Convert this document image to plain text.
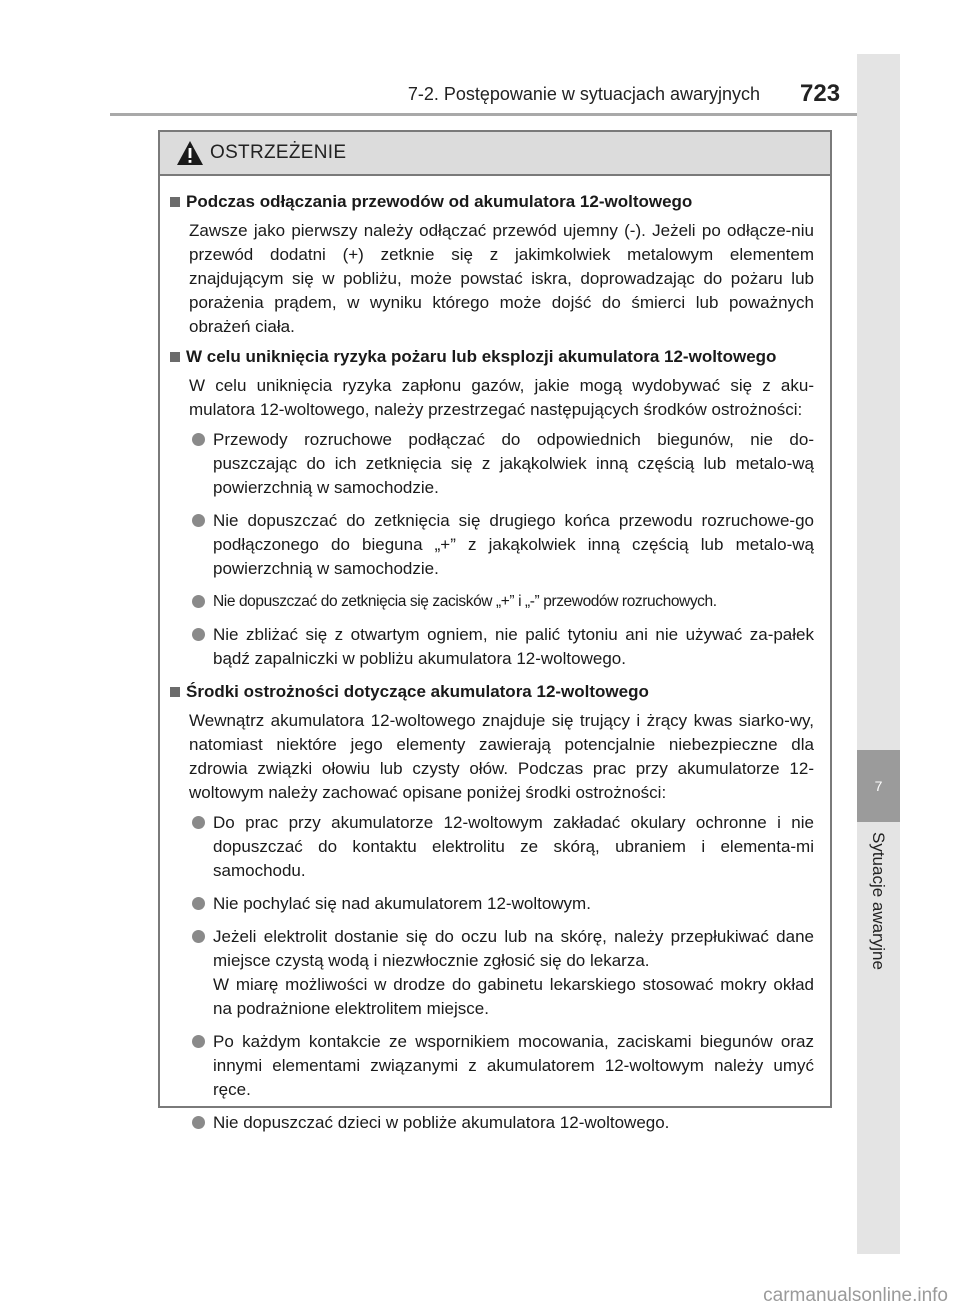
7-2. Postępowanie w sytuacjach awaryjnych 723
7
Sytuacje awaryjne
OSTRZEŻENIE
Podczas odłączania przewodów od akumulatora 12-woltowego

Zawsze jako pierwszy należy odłączać przewód ujemny (-). Jeżeli po odłącze-niu przewód dodatni (+) zetknie się z jakimkolwiek metalowym elementem znajdującym się w pobliżu, może powstać iskra, doprowadzając do pożaru lub porażenia prądem, w wyniku którego może dojść do śmierci lub poważnych obrażeń ciała.

W celu uniknięcia ryzyka pożaru lub eksplozji akumulatora 12-woltowego

W celu uniknięcia ryzyka zapłonu gazów, jakie mogą wydobywać się z aku-mulatora 12-woltowego, należy przestrzegać następujących środków ostrożności:

Przewody rozruchowe podłączać do odpowiednich biegunów, nie do-puszczając do ich zetknięcia się z jakąkolwiek inną częścią lub metalo-wą powierzchnią w samochodzie.
Nie dopuszczać do zetknięcia się drugiego końca przewodu rozruchowe-go podłączonego do bieguna „+” z jakąkolwiek inną częścią lub metalo-wą powierzchnią w samochodzie.
Nie dopuszczać do zetknięcia się zacisków „+” i „-” przewodów rozruchowych.
Nie zbliżać się z otwartym ogniem, nie palić tytoniu ani nie używać za-pałek bądź zapalniczki w pobliżu akumulatora 12-woltowego.
Środki ostrożności dotyczące akumulatora 12-woltowego

Wewnątrz akumulatora 12-woltowego znajduje się trujący i żrący kwas siarko-wy, natomiast niektóre jego elementy zawierają potencjalnie niebezpieczne dla zdrowia związki ołowiu lub czysty ołów. Podczas prac przy akumulatorze 12-woltowym należy zachować opisane poniżej środki ostrożności:

Do prac przy akumulatorze 12-woltowym zakładać okulary ochronne i nie dopuszczać do kontaktu elektrolitu ze skórą, ubraniem i elementa-mi samochodu.
Nie pochylać się nad akumulatorem 12-woltowym.
Jeżeli elektrolit dostanie się do oczu lub na skórę, należy przepłukiwać dane miejsce czystą wodą i niezwłocznie zgłosić się do lekarza.
W miarę możliwości w drodze do gabinetu lekarskiego stosować mokry okład na podrażnione elektrolitem miejsce.
Po każdym kontakcie ze wspornikiem mocowania, zaciskami biegunów oraz innymi elementami związanymi z akumulatorem 12-woltowym należy umyć ręce.
Nie dopuszczać dzieci w pobliże akumulatora 12-woltowego.
carmanualsonline.info
